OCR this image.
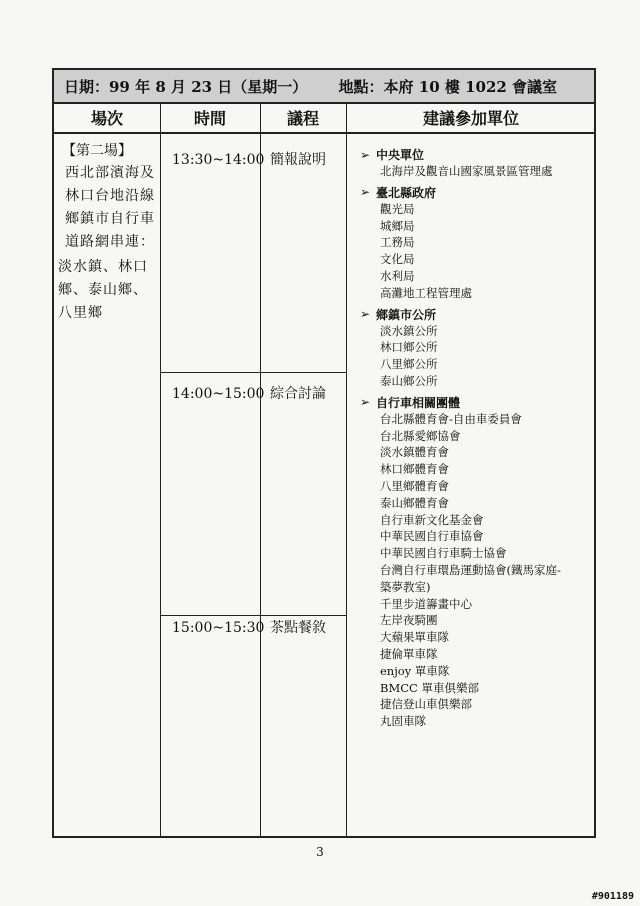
日期：99 年 8 月 23 日（星期一） 地點：本府 10 樓 1022 會議室
場次	時間	議程	建議參加單位
【第二場】
西北部濱海及林口台地沿線鄉鎮市自行車道路網串連：
淡水鎮、林口鄉、泰山鄉、八里鄉
13:30~14:00 簡報說明
14:00~15:00 綜合討論
15:00~15:30 茶點餐敘
➢ 中央單位
北海岸及觀音山國家風景區管理處
➢ 臺北縣政府
觀光局
城鄉局
工務局
文化局
水利局
高灘地工程管理處
➢ 鄉鎮市公所
淡水鎮公所
林口鄉公所
八里鄉公所
泰山鄉公所
➢ 自行車相關團體
台北縣體育會-自由車委員會
台北縣愛鄉協會
淡水鎮體育會
林口鄉體育會
八里鄉體育會
泰山鄉體育會
自行車新文化基金會
中華民國自行車協會
中華民國自行車騎士協會
台灣自行車環島運動協會(鐵馬家庭-
築夢教室)
千里步道籌畫中心
左岸夜騎團
大蘋果單車隊
捷倫單車隊
enjoy 單車隊
BMCC 單車俱樂部
捷信登山車俱樂部
丸固車隊
3
#901189
